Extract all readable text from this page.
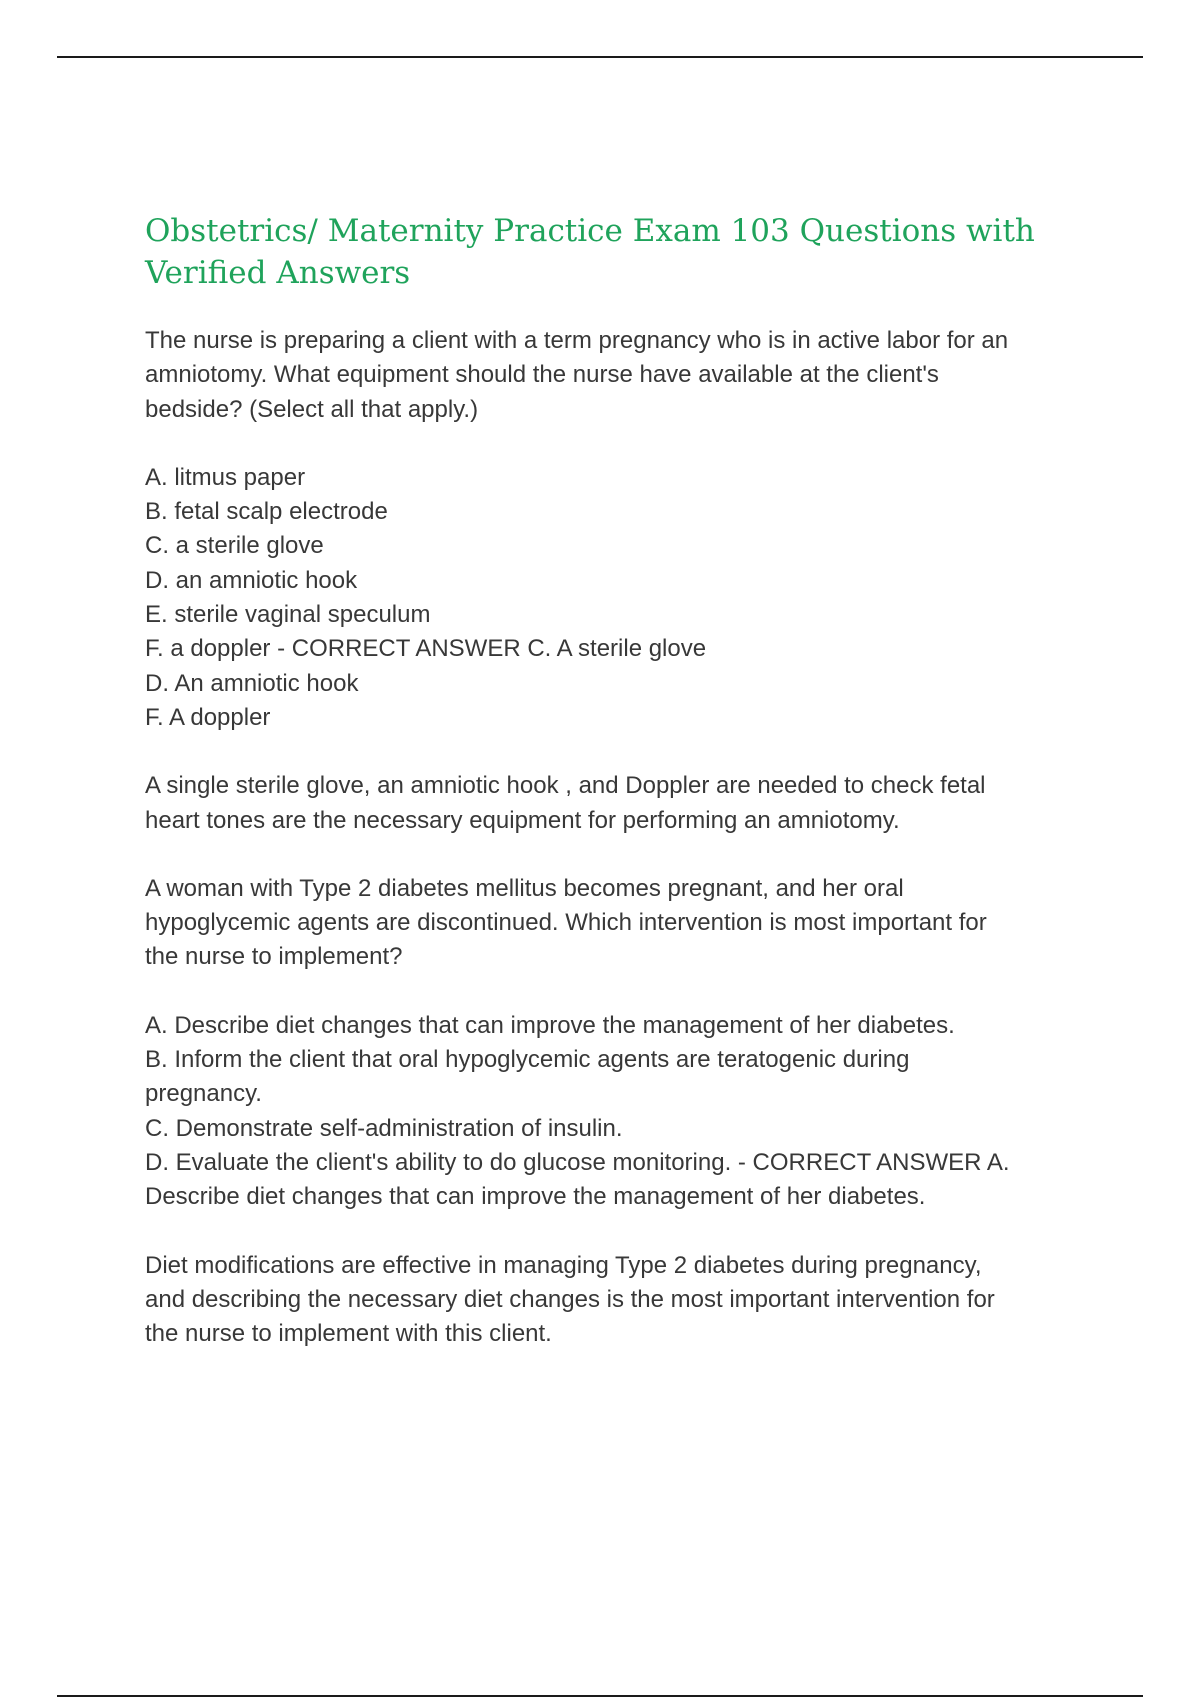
Obstetrics/ Maternity Practice Exam 103 Questions with
Verified Answers
The nurse is preparing a client with a term pregnancy who is in active labor for an
amniotomy. What equipment should the nurse have available at the client's
bedside? (Select all that apply.)
A. litmus paper
B. fetal scalp electrode
C. a sterile glove
D. an amniotic hook
E. sterile vaginal speculum
F. a doppler - CORRECT ANSWER C. A sterile glove
D. An amniotic hook
F. A doppler
A single sterile glove, an amniotic hook , and Doppler are needed to check fetal
heart tones are the necessary equipment for performing an amniotomy.
A woman with Type 2 diabetes mellitus becomes pregnant, and her oral
hypoglycemic agents are discontinued. Which intervention is most important for
the nurse to implement?
A. Describe diet changes that can improve the management of her diabetes.
B. Inform the client that oral hypoglycemic agents are teratogenic during
pregnancy.
C. Demonstrate self-administration of insulin.
D. Evaluate the client's ability to do glucose monitoring. - CORRECT ANSWER A.
Describe diet changes that can improve the management of her diabetes.
Diet modifications are effective in managing Type 2 diabetes during pregnancy,
and describing the necessary diet changes is the most important intervention for
the nurse to implement with this client.
